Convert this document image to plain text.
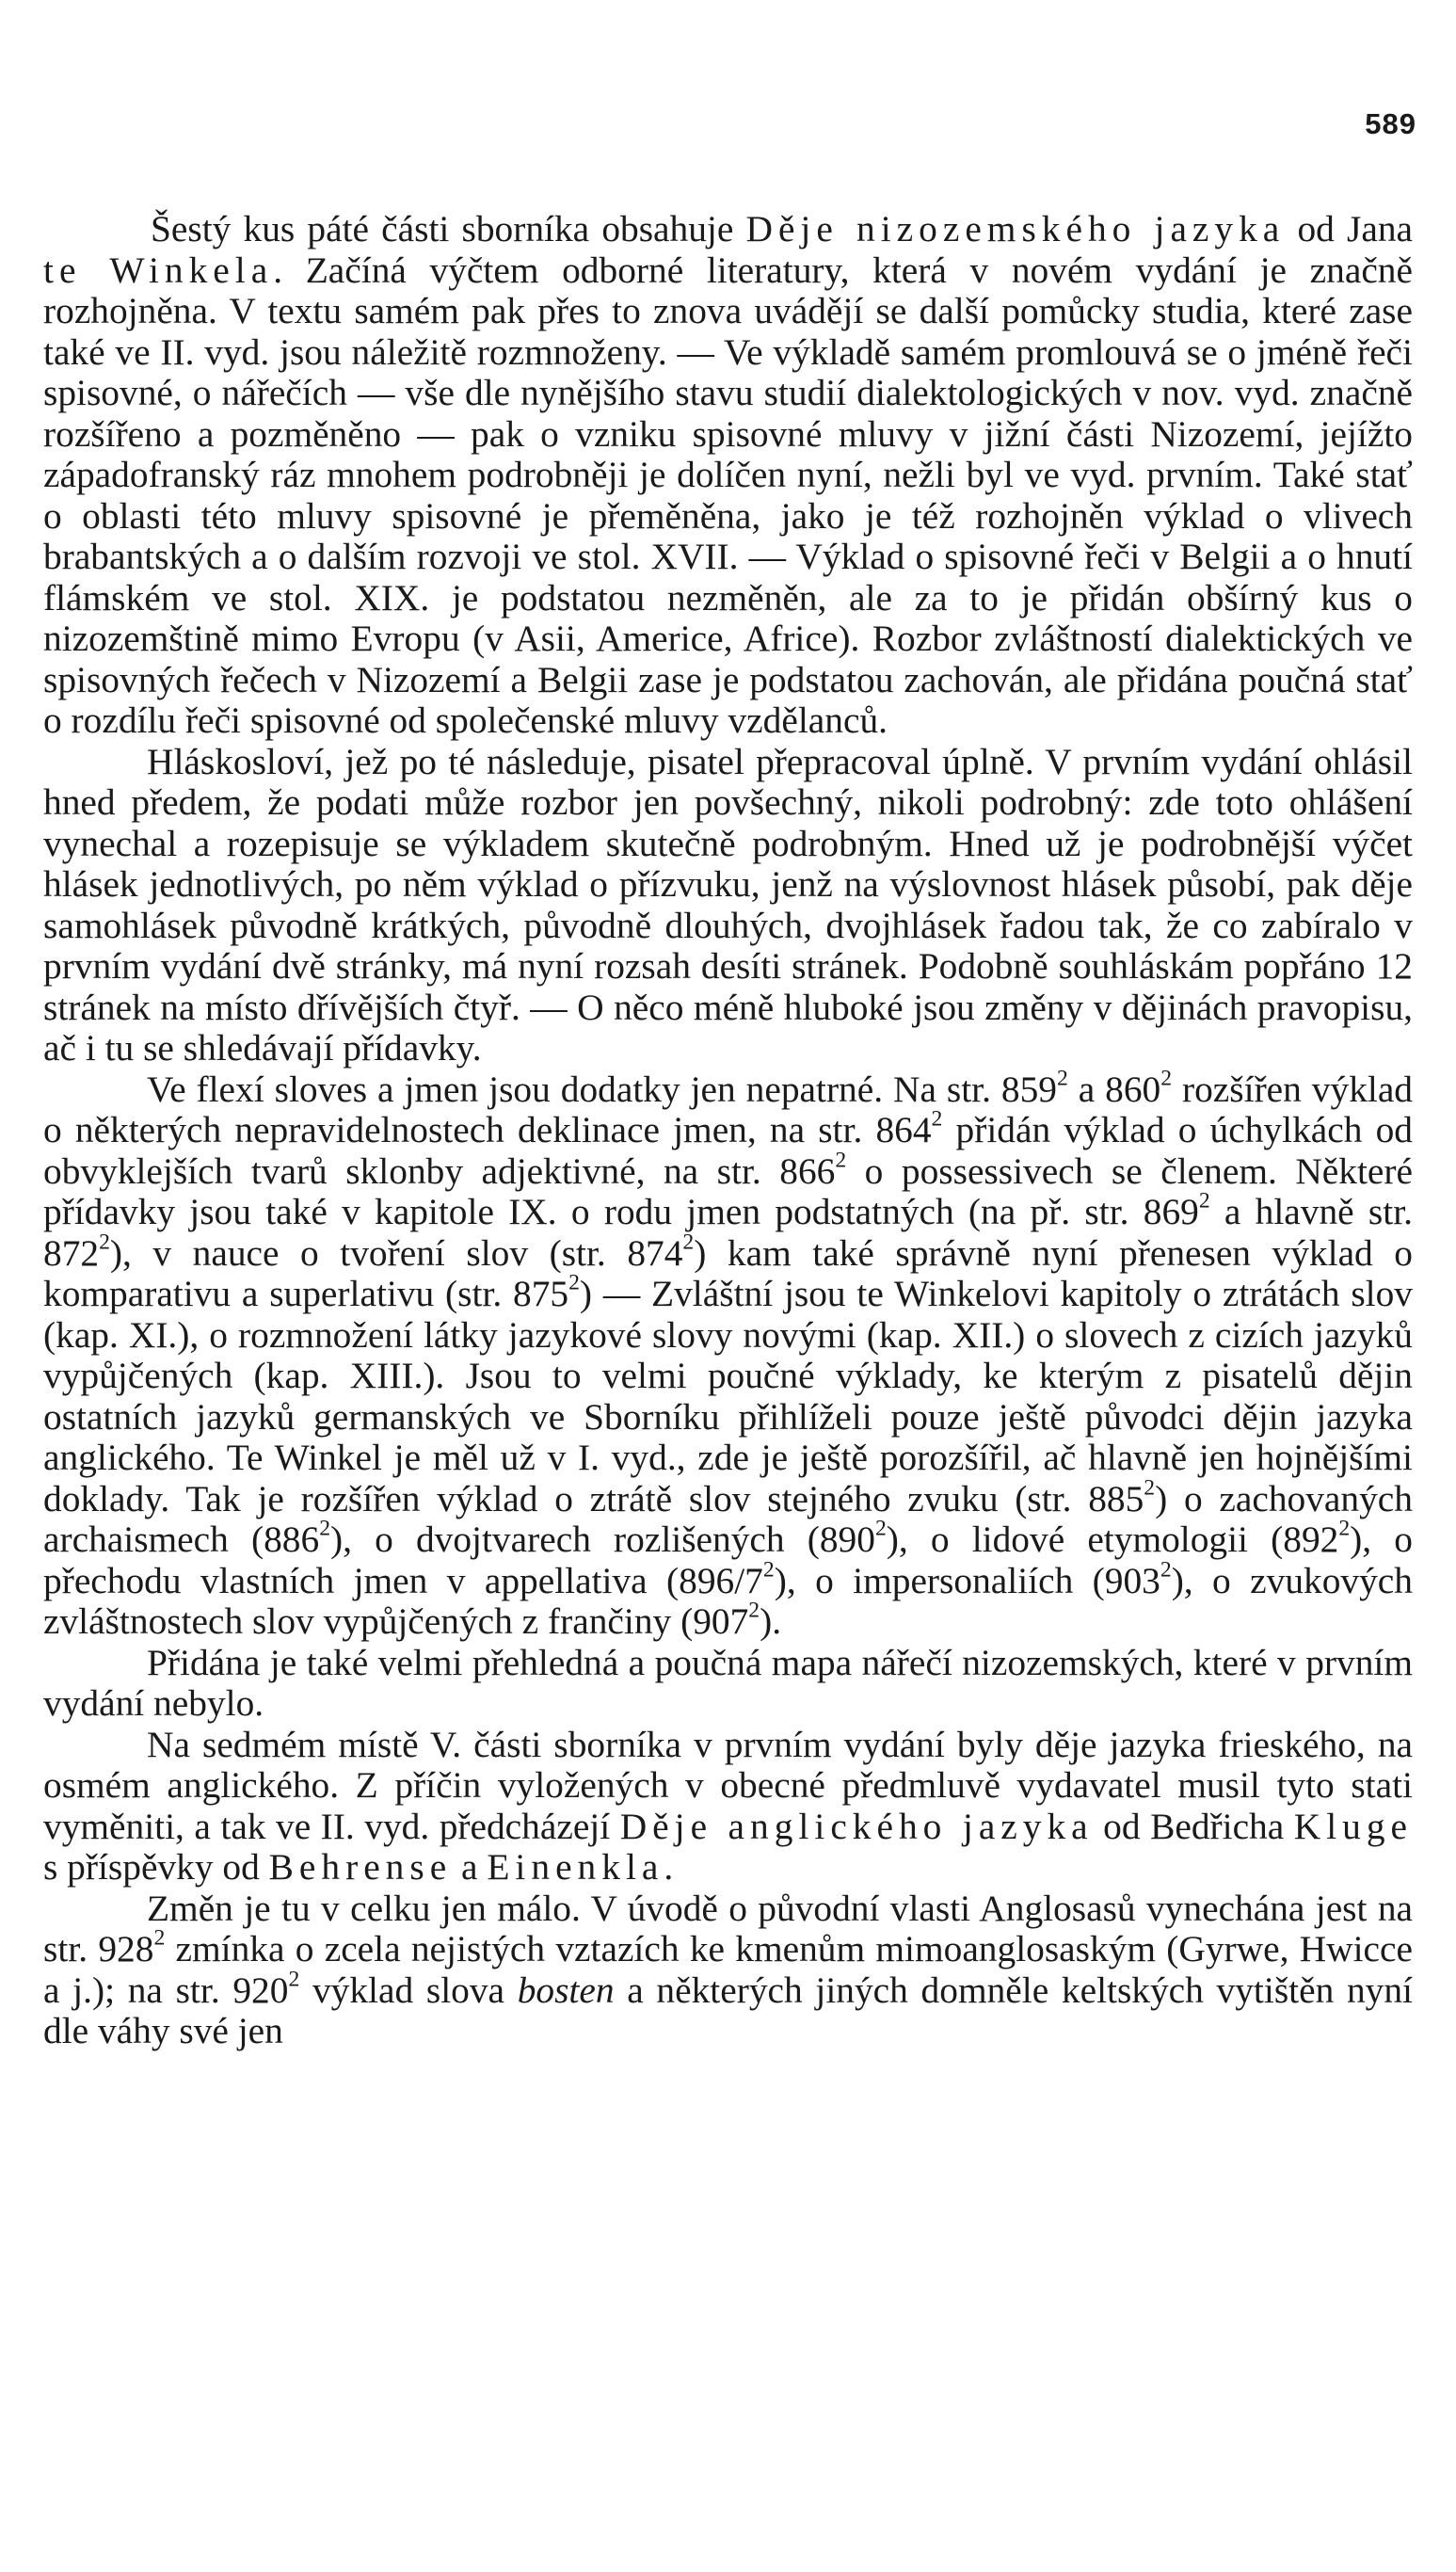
589

Šestý kus páté části sborníka obsahuje Děje nizozemského jazyka od Jana te Winkela. Začíná výčtem odborné literatury, která v novém vydání je značně rozhojněna. V textu samém pak přes to znova uvádějí se další pomůcky studia, které zase také ve II. vyd. jsou náležitě rozmnoženy. — Ve výkladě samém promlouvá se o jméně řeči spisovné, o nářečích — vše dle nynějšího stavu studií dialektologických v nov. vyd. značně rozšířeno a pozměněno — pak o vzniku spisovné mluvy v jižní části Nizozemí, jejížto západofranský ráz mnohem podrobněji je dolíčen nyní, nežli byl ve vyd. prvním. Také stať o oblasti této mluvy spisovné je přeměněna, jako je též rozhojněn výklad o vlivech brabantských a o dalším rozvoji ve stol. XVII. — Výklad o spisovné řeči v Belgii a o hnutí flámském ve stol. XIX. je podstatou nezměněn, ale za to je přidán obšírný kus o nizozemštině mimo Evropu (v Asii, Americe, Africe). Rozbor zvláštností dialektických ve spisovných řečech v Nizozemí a Belgii zase je podstatou zachován, ale přidána poučná stať o rozdílu řeči spisovné od společenské mluvy vzdělanců.

Hláskosloví, jež po té následuje, pisatel přepracoval úplně. V prvním vydání ohlásil hned předem, že podati může rozbor jen povšechný, nikoli podrobný: zde toto ohlášení vynechal a rozepisuje se výkladem skutečně podrobným. Hned už je podrobnější výčet hlásek jednotlivých, po něm výklad o přízvuku, jenž na výslovnost hlásek působí, pak děje samohlásek původně krátkých, původně dlouhých, dvojhlásek řadou tak, že co zabíralo v prvním vydání dvě stránky, má nyní rozsah desíti stránek. Podobně souhláskám popřáno 12 stránek na místo dřívějších čtyř. — O něco méně hluboké jsou změny v dějinách pravopisu, ač i tu se shledávají přídavky.

Ve flexí sloves a jmen jsou dodatky jen nepatrné. Na str. $859^2$ a $860^2$ rozšířen výklad o některých nepravidelnostech deklinace jmen, na str. $864^2$ přidán výklad o úchylkách od obvyklejších tvarů sklonby adjektivné, na str. $866^2$ o possessivech se členem. Některé přídavky jsou také v kapitole IX. o rodu jmen podstatných (na př. str. $869^2$ a hlavně str. $872^2$), v nauce o tvoření slov (str. $874^2$) kam také správně nyní přenesen výklad o komparativu a superlativu (str. $875^2$) — Zvláštní jsou te Winkelovi kapitoly o ztrátách slov (kap. XI.), o rozmnožení látky jazykové slovy novými (kap. XII.) o slovech z cizích jazyků vypůjčených (kap. XIII.). Jsou to velmi poučné výklady, ke kterým z pisatelů dějin ostatních jazyků germanských ve Sborníku přihlíželi pouze ještě původci dějin jazyka anglického. Te Winkel je měl už v I. vyd., zde je ještě porozšířil, ač hlavně jen hojnějšími doklady. Tak je rozšířen výklad o ztrátě slov stejného zvuku (str. $885^2$) o zachovaných archaismech $(886^2)$, o dvojtvarech rozlišených $(890^2)$, o lidové etymologii $(892^2)$, o přechodu vlastních jmen v appellativa $(896/7^2)$, o impersonaliích $(903^2)$, o zvukových zvláštnostech slov vypůjčených z frančiny $(907^2)$.

Přidána je také velmi přehledná a poučná mapa nářečí nizozemských, které v prvním vydání nebylo.

Na sedmém místě V. části sborníka v prvním vydání byly děje jazyka frieského, na osmém anglického. Z příčin vyložených v obecné předmluvě vydavatel musil tyto stati vyměniti, a tak ve II. vyd. předcházejí Děje anglického jazyka od Bedřicha Kluge s příspěvky od Behrense a Einenkla.

Změn je tu v celku jen málo. V úvodě o původní vlasti Anglosasů vynechána jest na str. $928^2$ zmínka o zcela nejistých vztazích ke kmenům mimoanglosaským (Gyrwe, Hwicce a j.); na str. $920^2$ výklad slova bosten a některých jiných domněle keltských vytištěn nyní dle váhy své jen
